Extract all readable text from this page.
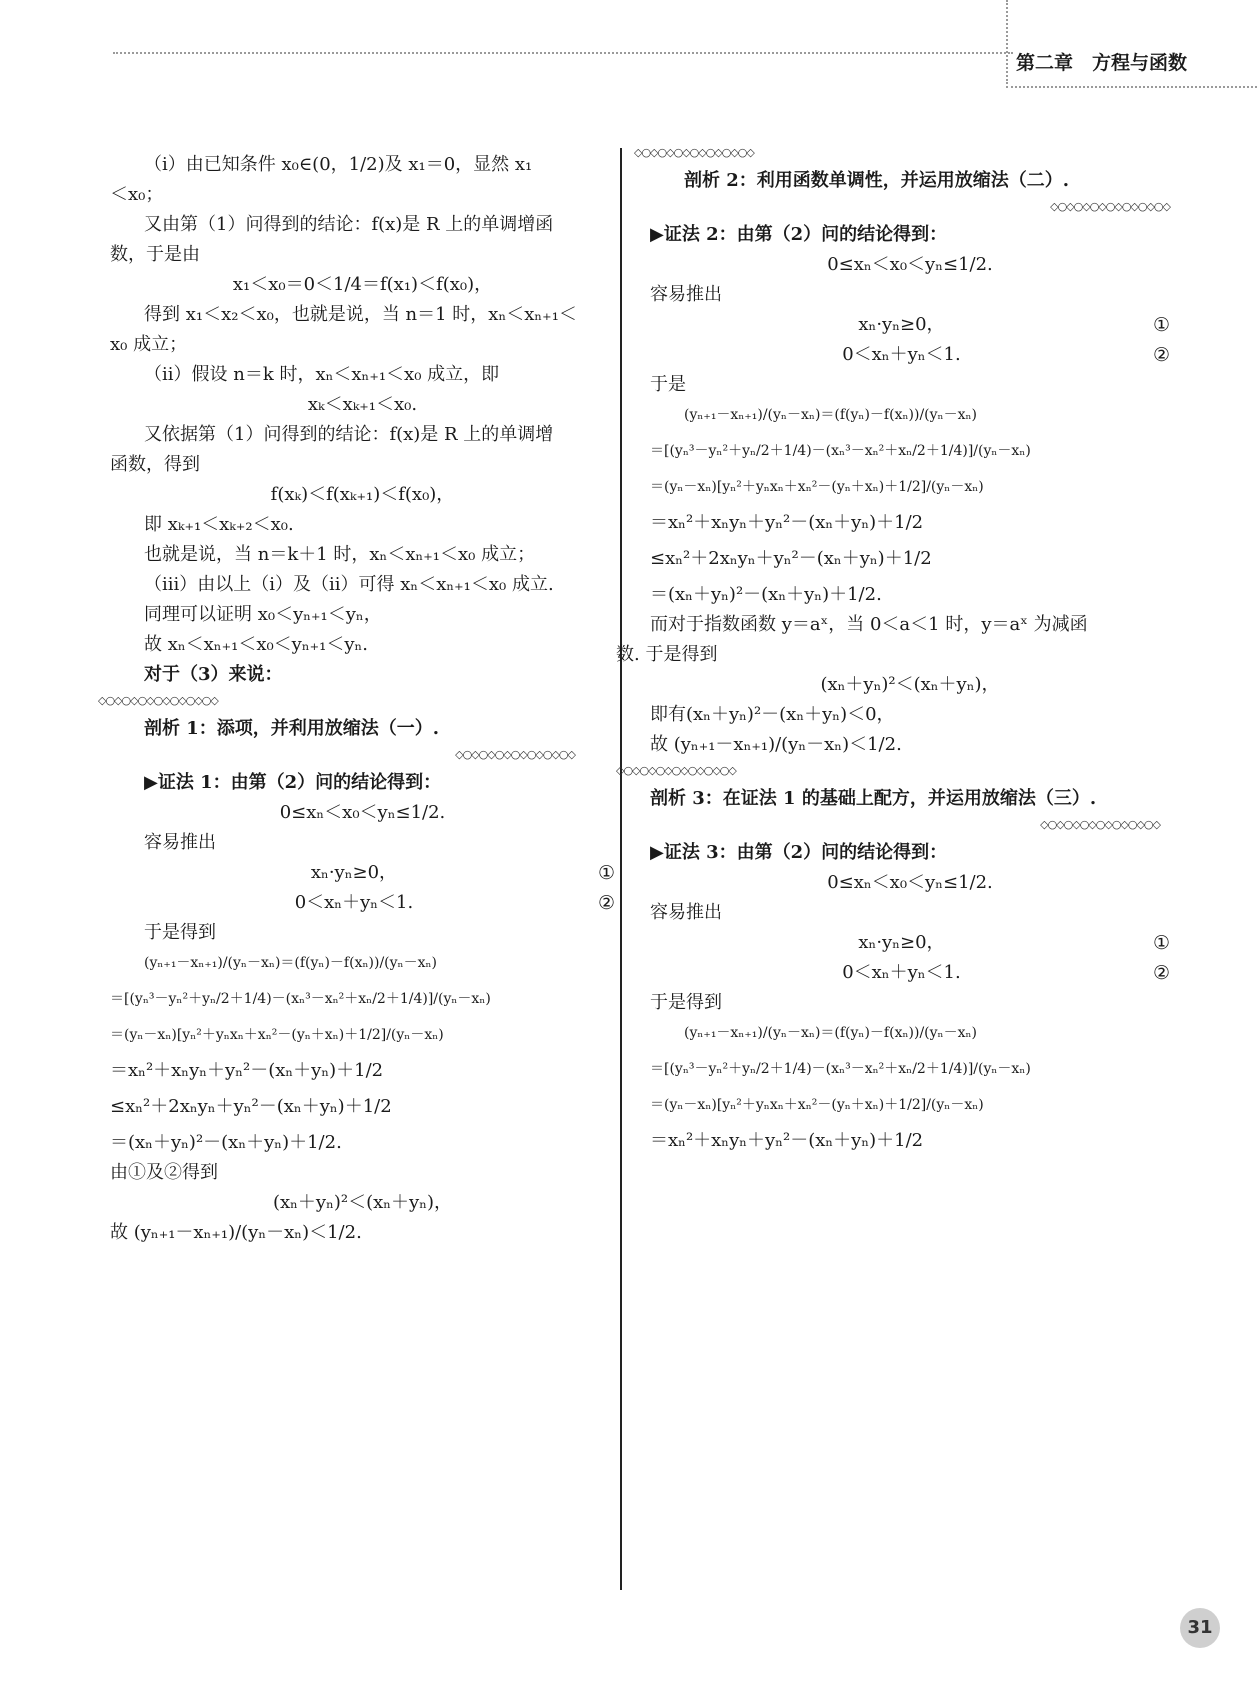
第二章　方程与函数
（ⅰ）由已知条件 x₀∈(0，1/2)及 x₁＝0，显然 x₁
＜x₀；
又由第（1）问得到的结论：f(x)是 R 上的单调增函
数，于是由
x₁＜x₀＝0＜1/4＝f(x₁)＜f(x₀)，
得到 x₁＜x₂＜x₀，也就是说，当 n＝1 时，xₙ＜xₙ₊₁＜
x₀ 成立；
（ⅱ）假设 n＝k 时，xₙ＜xₙ₊₁＜x₀ 成立，即
xₖ＜xₖ₊₁＜x₀.
又依据第（1）问得到的结论：f(x)是 R 上的单调增
函数，得到
f(xₖ)＜f(xₖ₊₁)＜f(x₀)，
即 xₖ₊₁＜xₖ₊₂＜x₀.
也就是说，当 n＝k＋1 时，xₙ＜xₙ₊₁＜x₀ 成立；
（ⅲ）由以上（ⅰ）及（ⅱ）可得 xₙ＜xₙ₊₁＜x₀ 成立.
同理可以证明 x₀＜yₙ₊₁＜yₙ，
故 xₙ＜xₙ₊₁＜x₀＜yₙ₊₁＜yₙ.
对于（3）来说：
◇○◇○◇○◇○◇○◇○◇○◇
剖析 1：添项，并利用放缩法（一）.
◇○◇○◇○◇○◇○◇○◇○◇
▶证法 1：由第（2）问的结论得到：
0≤xₙ＜x₀＜yₙ≤1/2.
容易推出
xₙ·yₙ≥0，	①
0＜xₙ＋yₙ＜1.	②
于是得到
(yₙ₊₁－xₙ₊₁)/(yₙ－xₙ)＝(f(yₙ)－f(xₙ))/(yₙ－xₙ)
＝[(yₙ³－yₙ²＋yₙ/2＋1/4)－(xₙ³－xₙ²＋xₙ/2＋1/4)]/(yₙ－xₙ)
＝(yₙ－xₙ)[yₙ²＋yₙxₙ＋xₙ²－(yₙ＋xₙ)＋1/2]/(yₙ－xₙ)
＝xₙ²＋xₙyₙ＋yₙ²－(xₙ＋yₙ)＋1/2
≤xₙ²＋2xₙyₙ＋yₙ²－(xₙ＋yₙ)＋1/2
＝(xₙ＋yₙ)²－(xₙ＋yₙ)＋1/2.
由①及②得到
(xₙ＋yₙ)²＜(xₙ＋yₙ)，
故 (yₙ₊₁－xₙ₊₁)/(yₙ－xₙ)＜1/2.
◇○◇○◇○◇○◇○◇○◇○◇
剖析 2：利用函数单调性，并运用放缩法（二）.
◇○◇○◇○◇○◇○◇○◇○◇
▶证法 2：由第（2）问的结论得到：
0≤xₙ＜x₀＜yₙ≤1/2.
容易推出
xₙ·yₙ≥0，	①
0＜xₙ＋yₙ＜1.	②
于是
(yₙ₊₁－xₙ₊₁)/(yₙ－xₙ)＝(f(yₙ)－f(xₙ))/(yₙ－xₙ)
＝[(yₙ³－yₙ²＋yₙ/2＋1/4)－(xₙ³－xₙ²＋xₙ/2＋1/4)]/(yₙ－xₙ)
＝(yₙ－xₙ)[yₙ²＋yₙxₙ＋xₙ²－(yₙ＋xₙ)＋1/2]/(yₙ－xₙ)
＝xₙ²＋xₙyₙ＋yₙ²－(xₙ＋yₙ)＋1/2
≤xₙ²＋2xₙyₙ＋yₙ²－(xₙ＋yₙ)＋1/2
＝(xₙ＋yₙ)²－(xₙ＋yₙ)＋1/2.
而对于指数函数 y＝aˣ，当 0＜a＜1 时，y＝aˣ 为减函
数. 于是得到
(xₙ＋yₙ)²＜(xₙ＋yₙ)，
即有(xₙ＋yₙ)²－(xₙ＋yₙ)＜0，
故 (yₙ₊₁－xₙ₊₁)/(yₙ－xₙ)＜1/2.
◇○◇○◇○◇○◇○◇○◇○◇
剖析 3：在证法 1 的基础上配方，并运用放缩法（三）.
◇○◇○◇○◇○◇○◇○◇○◇
▶证法 3：由第（2）问的结论得到：
0≤xₙ＜x₀＜yₙ≤1/2.
容易推出
xₙ·yₙ≥0，	①
0＜xₙ＋yₙ＜1.	②
于是得到
(yₙ₊₁－xₙ₊₁)/(yₙ－xₙ)＝(f(yₙ)－f(xₙ))/(yₙ－xₙ)
＝[(yₙ³－yₙ²＋yₙ/2＋1/4)－(xₙ³－xₙ²＋xₙ/2＋1/4)]/(yₙ－xₙ)
＝(yₙ－xₙ)[yₙ²＋yₙxₙ＋xₙ²－(yₙ＋xₙ)＋1/2]/(yₙ－xₙ)
＝xₙ²＋xₙyₙ＋yₙ²－(xₙ＋yₙ)＋1/2
31
